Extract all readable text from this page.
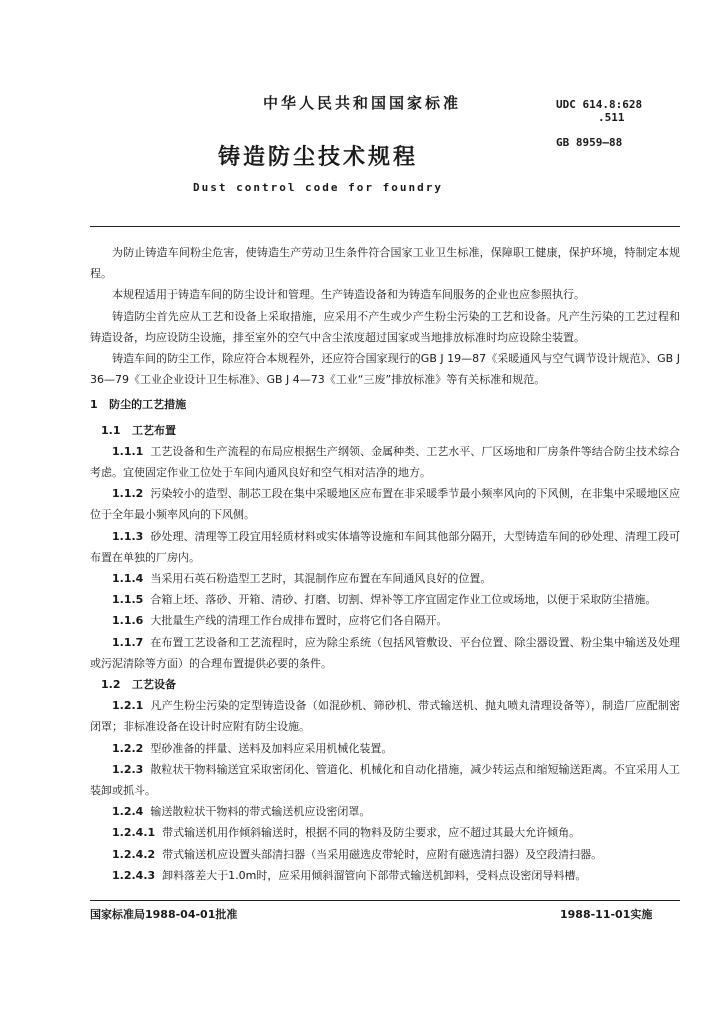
中华人民共和国国家标准	UDC 614.8:628
.511
GB 8959—88
铸造防尘技术规程
Dust control code for foundry

为防止铸造车间粉尘危害，使铸造生产劳动卫生条件符合国家工业卫生标准，保障职工健康，保护环境，特制定本规程。

本规程适用于铸造车间的防尘设计和管理。生产铸造设备和为铸造车间服务的企业也应参照执行。

铸造防尘首先应从工艺和设备上采取措施，应采用不产生或少产生粉尘污染的工艺和设备。凡产生污染的工艺过程和铸造设备，均应设防尘设施，排至室外的空气中含尘浓度超过国家或当地排放标准时均应设除尘装置。

铸造车间的防尘工作，除应符合本规程外，还应符合国家现行的GB J 19—87《采暖通风与空气调节设计规范》、GB J 36—79《工业企业设计卫生标准》、GB J 4—73《工业“三废”排放标准》等有关标准和规范。

1 防尘的工艺措施

1.1 工艺布置

1.1.1 工艺设备和生产流程的布局应根据生产纲领、金属种类、工艺水平、厂区场地和厂房条件等结合防尘技术综合考虑。宜使固定作业工位处于车间内通风良好和空气相对洁净的地方。

1.1.2 污染较小的造型、制芯工段在集中采暖地区应布置在非采暖季节最小频率风向的下风侧，在非集中采暖地区应位于全年最小频率风向的下风侧。

1.1.3 砂处理、清理等工段宜用轻质材料或实体墙等设施和车间其他部分隔开，大型铸造车间的砂处理、清理工段可布置在单独的厂房内。

1.1.4 当采用石英石粉造型工艺时，其混制作应布置在车间通风良好的位置。

1.1.5 合箱上坯、落砂、开箱、清砂、打磨、切割、焊补等工序宜固定作业工位或场地，以便于采取防尘措施。

1.1.6 大批量生产线的清理工作台成排布置时，应将它们各自隔开。

1.1.7 在布置工艺设备和工艺流程时，应为除尘系统（包括风管敷设、平台位置、除尘器设置、粉尘集中输送及处理或污泥清除等方面）的合理布置提供必要的条件。

1.2 工艺设备

1.2.1 凡产生粉尘污染的定型铸造设备（如混砂机、筛砂机、带式输送机、抛丸喷丸清理设备等），制造厂应配制密闭罩；非标准设备在设计时应附有防尘设施。

1.2.2 型砂准备的拌量、送料及加料应采用机械化装置。

1.2.3 散粒状干物料输送宜采取密闭化、管道化、机械化和自动化措施，减少转运点和缩短输送距离。不宜采用人工装卸或抓斗。

1.2.4 输送散粒状干物料的带式输送机应设密闭罩。

1.2.4.1 带式输送机用作倾斜输送时，根据不同的物料及防尘要求，应不超过其最大允许倾角。

1.2.4.2 带式输送机应设置头部清扫器（当采用磁选皮带轮时，应附有磁选清扫器）及空段清扫器。

1.2.4.3 卸料落差大于1.0m时，应采用倾斜溜管向下部带式输送机卸料，受料点设密闭导料槽。

国家标准局1988-04-01批准	1988-11-01实施
